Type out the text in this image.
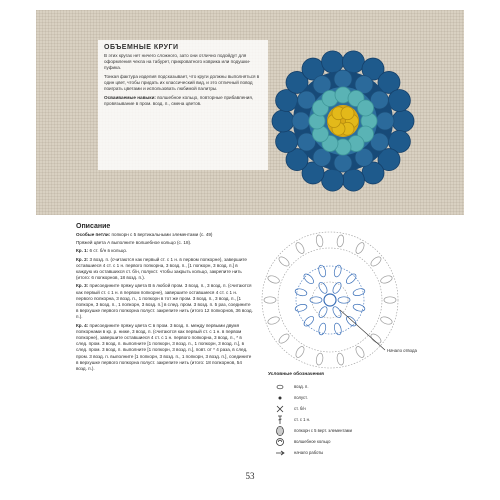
ОБЪЕМНЫЕ КРУГИ

В этих кругах нет ничего сложного, зато они отлично подойдут для оформления чехла на табурет, прикроватного коврика или подушки-пуфика.

Тонкая фактура изделия подсказывает, что круги должны выполняться в один цвет, чтобы придать их классический вид, и это отличный повод поиграть цветами и использовать любимой палитры.

Осваиваемые навыки: волшебное кольцо, повторные прибавления, провязывание в пром. возд. п., смена цветов.

Описание

Особые петли: попкорн с 5 вертикальными элементами (с. 49)

Пряжей цвета А выполните волшебное кольцо (с. 18).

Кр. 1: 6 ст. б/н в кольцо.

Кр. 2: 3 возд. п. (считаются как первый ст. с 1 н. в первом попкорне), завершите оставшиеся 4 ст. с 1 н. первого попкорна, 3 возд. п., [1 попкорн, 3 возд. п.] в каждую из оставшихся ст. б/н, полукст. чтобы закрыть кольцо, закрепите нить (итого: 6 попкорнов, 18 возд. п.).

Кр. 3: присоедините пряжу цвета В в любой пром. 3 возд. п., 3 возд. п. (считаются как первый ст. с 1 н. в первом попкорне), завершите оставшиеся 4 ст. с 1 н. первого попкорна, 3 возд. п., 1 попкорн в тот же пром. 3 возд. п., 3 возд. п., [1 попкорн, 3 возд. п., 1 попкорн, 3 возд. п.] в след. пром. 3 возд. п. 5 раз, соедините в верхушке первого попкорна полуст. закрепите нить (итого 12 попкорнов, 36 возд. п.).

Кр. 4: присоедините пряжу цвета С в пром. 3 возд. п. между первыми двумя попкорнами в кр. р. ниже, 3 возд. п. (считаются как первый ст. с 1 н. в первом попкорне), завершите оставшиеся 4 ст. с 1 н. первого попкорна, 3 возд. п., * в след. пром. 3 возд. п. выполните [1 попкорн, 3 возд. п., 1 попкорн, 3 возд. п.], в след. пром. 3 возд. п. выполните [1 попкорн, 3 возд. п.], повт. от * 4 раза, в след. пром. 3 возд. п. выполните [1 попкорн, 3 возд. п., 1 попкорн, 3 возд. п.], соедините в верхушке первого попкорна полуст. закрепите нить (итого: 18 попкорнов, 54 возд. п.).

Начало отвода
Условные обозначения
возд. п.
полуст.
ст. б/н
ст. с 1 н.
попкорн с 5 верт. элементами
волшебное кольцо
начало работы
53
